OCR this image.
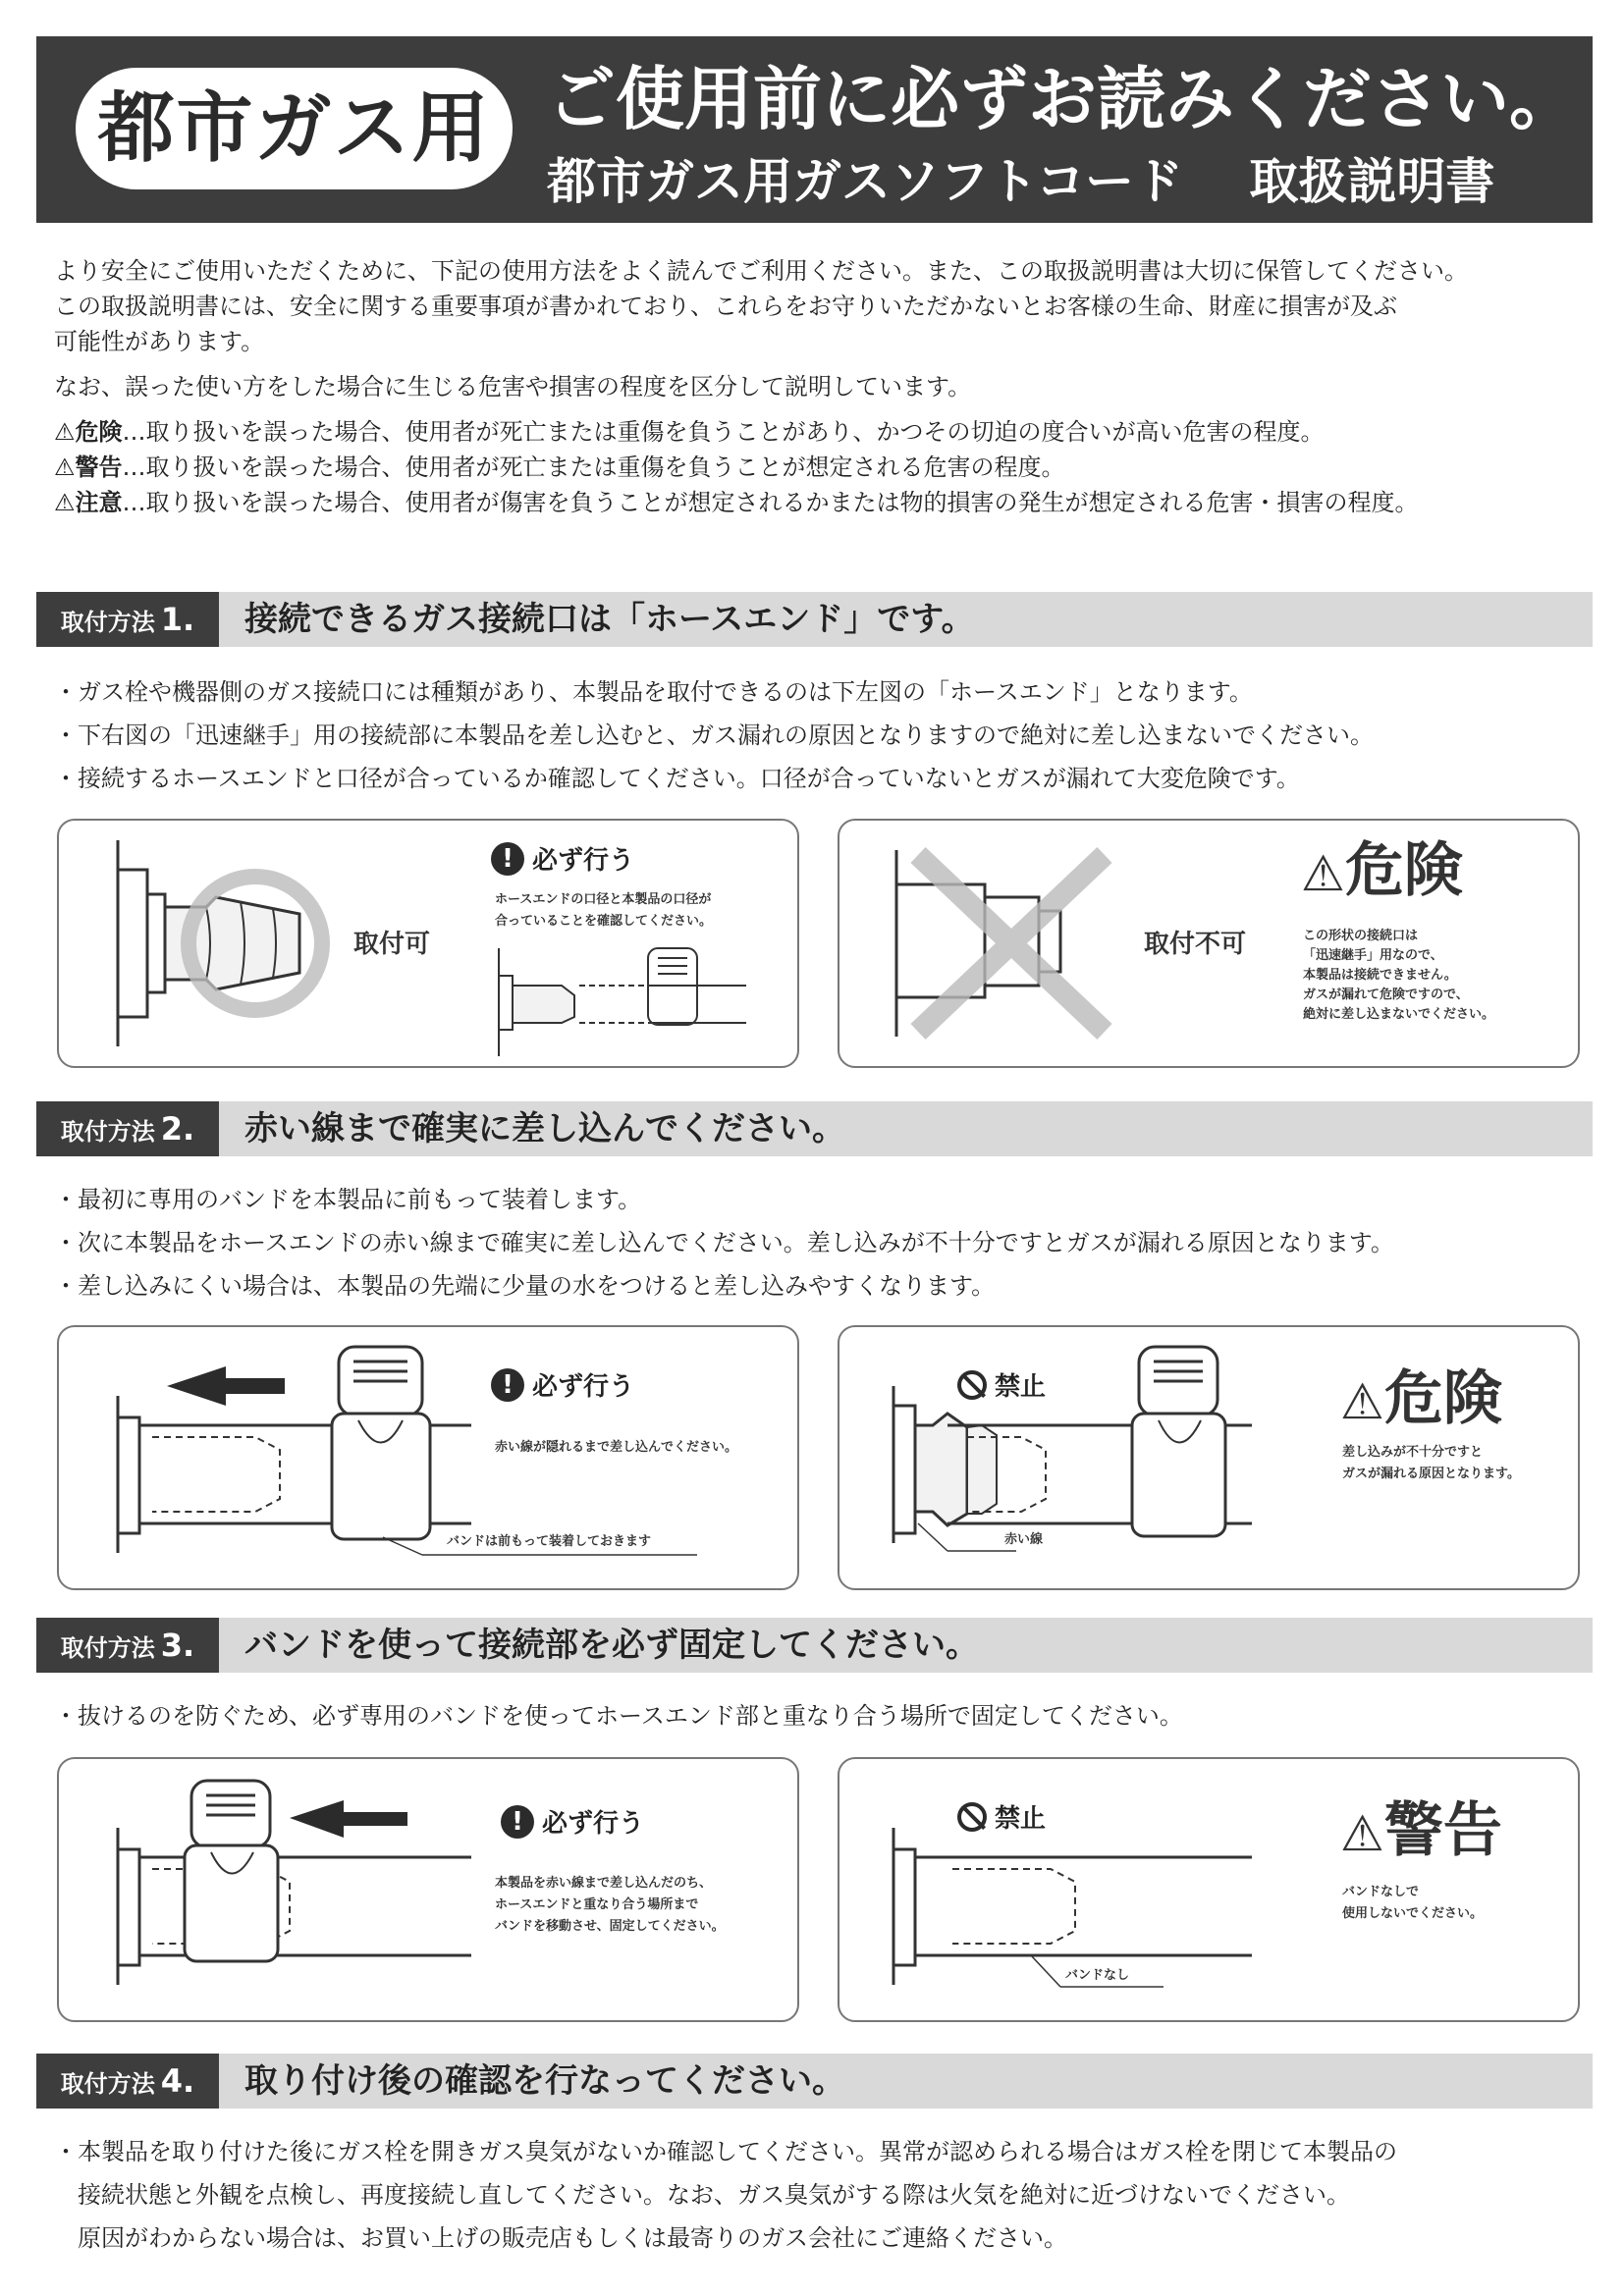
都市ガス用 ご使用前に必ずお読みください。
都市ガス用ガスソフトコード　 取扱説明書

より安全にご使用いただくために、下記の使用方法をよく読んでご利用ください。また、この取扱説明書は大切に保管してください。

この取扱説明書には、安全に関する重要事項が書かれており、これらをお守りいただかないとお客様の生命、財産に損害が及ぶ

可能性があります。

なお、誤った使い方をした場合に生じる危害や損害の程度を区分して説明しています。

⚠危険…取り扱いを誤った場合、使用者が死亡または重傷を負うことがあり、かつその切迫の度合いが高い危害の程度。

⚠警告…取り扱いを誤った場合、使用者が死亡または重傷を負うことが想定される危害の程度。

⚠注意…取り扱いを誤った場合、使用者が傷害を負うことが想定されるかまたは物的損害の発生が想定される危害・損害の程度。

取付方法 1.	接続できるガス接続口は「ホースエンド」です。

・ガス栓や機器側のガス接続口には種類があり、本製品を取付できるのは下左図の「ホースエンド」となります。

・下右図の「迅速継手」用の接続部に本製品を差し込むと、ガス漏れの原因となりますので絶対に差し込まないでください。

・接続するホースエンドと口径が合っているか確認してください。口径が合っていないとガスが漏れて大変危険です。

取付可
! 必ず行う
ホースエンドの口径と本製品の口径が
合っていることを確認してください。
取付不可
⚠危険
この形状の接続口は
「迅速継手」用なので、
本製品は接続できません。
ガスが漏れて危険ですので、
絶対に差し込まないでください。
取付方法 2.	赤い線まで確実に差し込んでください。

・最初に専用のバンドを本製品に前もって装着します。

・次に本製品をホースエンドの赤い線まで確実に差し込んでください。差し込みが不十分ですとガスが漏れる原因となります。

・差し込みにくい場合は、本製品の先端に少量の水をつけると差し込みやすくなります。

! 必ず行う
赤い線が隠れるまで差し込んでください。
バンドは前もって装着しておきます
禁止	⚠危険
差し込みが不十分ですと
ガスが漏れる原因となります。
赤い線
取付方法 3.	バンドを使って接続部を必ず固定してください。

・抜けるのを防ぐため、必ず専用のバンドを使ってホースエンド部と重なり合う場所で固定してください。

! 必ず行う
本製品を赤い線まで差し込んだのち、
ホースエンドと重なり合う場所まで
バンドを移動させ、固定してください。
禁止	⚠警告
バンドなしで
使用しないでください。
バンドなし
取付方法 4.	取り付け後の確認を行なってください。

・本製品を取り付けた後にガス栓を開きガス臭気がないか確認してください。異常が認められる場合はガス栓を閉じて本製品の

　接続状態と外観を点検し、再度接続し直してください。なお、ガス臭気がする際は火気を絶対に近づけないでください。

　原因がわからない場合は、お買い上げの販売店もしくは最寄りのガス会社にご連絡ください。
